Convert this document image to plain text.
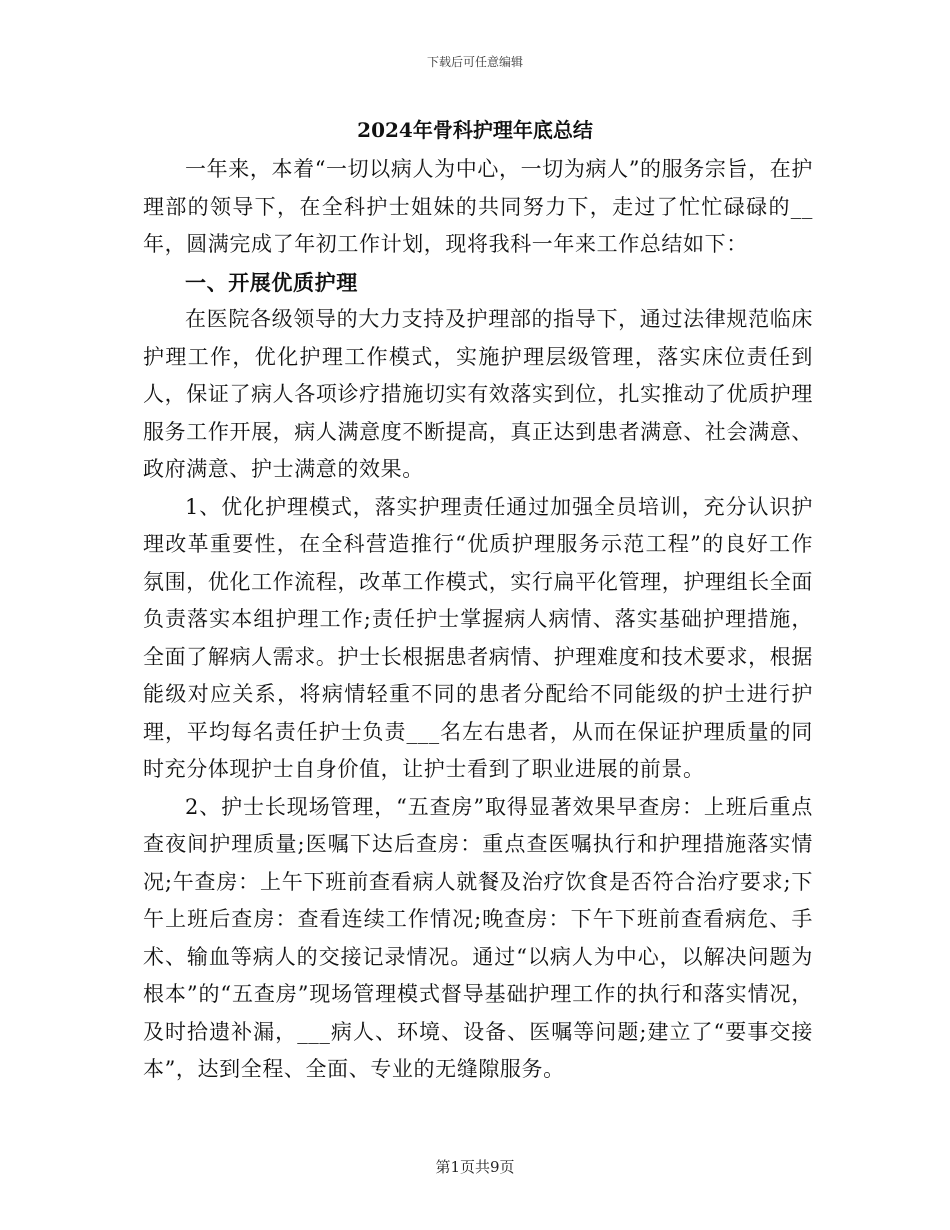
下载后可任意编辑
2024年骨科护理年底总结

一年来，本着“一切以病人为中心，一切为病人”的服务宗旨，在护理部的领导下，在全科护士姐妹的共同努力下，走过了忙忙碌碌的__年，圆满完成了年初工作计划，现将我科一年来工作总结如下：

一、开展优质护理

在医院各级领导的大力支持及护理部的指导下，通过法律规范临床护理工作，优化护理工作模式，实施护理层级管理，落实床位责任到人，保证了病人各项诊疗措施切实有效落实到位，扎实推动了优质护理服务工作开展，病人满意度不断提高，真正达到患者满意、社会满意、政府满意、护士满意的效果。

1、优化护理模式，落实护理责任通过加强全员培训，充分认识护理改革重要性，在全科营造推行“优质护理服务示范工程”的良好工作氛围，优化工作流程，改革工作模式，实行扁平化管理，护理组长全面负责落实本组护理工作;责任护士掌握病人病情、落实基础护理措施，全面了解病人需求。护士长根据患者病情、护理难度和技术要求，根据能级对应关系，将病情轻重不同的患者分配给不同能级的护士进行护理，平均每名责任护士负责___名左右患者，从而在保证护理质量的同时充分体现护士自身价值，让护士看到了职业进展的前景。

2、护士长现场管理，“五查房”取得显著效果早查房：上班后重点查夜间护理质量;医嘱下达后查房：重点查医嘱执行和护理措施落实情况;午查房：上午下班前查看病人就餐及治疗饮食是否符合治疗要求;下午上班后查房：查看连续工作情况;晚查房：下午下班前查看病危、手术、输血等病人的交接记录情况。通过“以病人为中心，以解决问题为根本”的“五查房”现场管理模式督导基础护理工作的执行和落实情况，及时拾遗补漏，___病人、环境、设备、医嘱等问题;建立了“要事交接本”，达到全程、全面、专业的无缝隙服务。

第1页共9页
